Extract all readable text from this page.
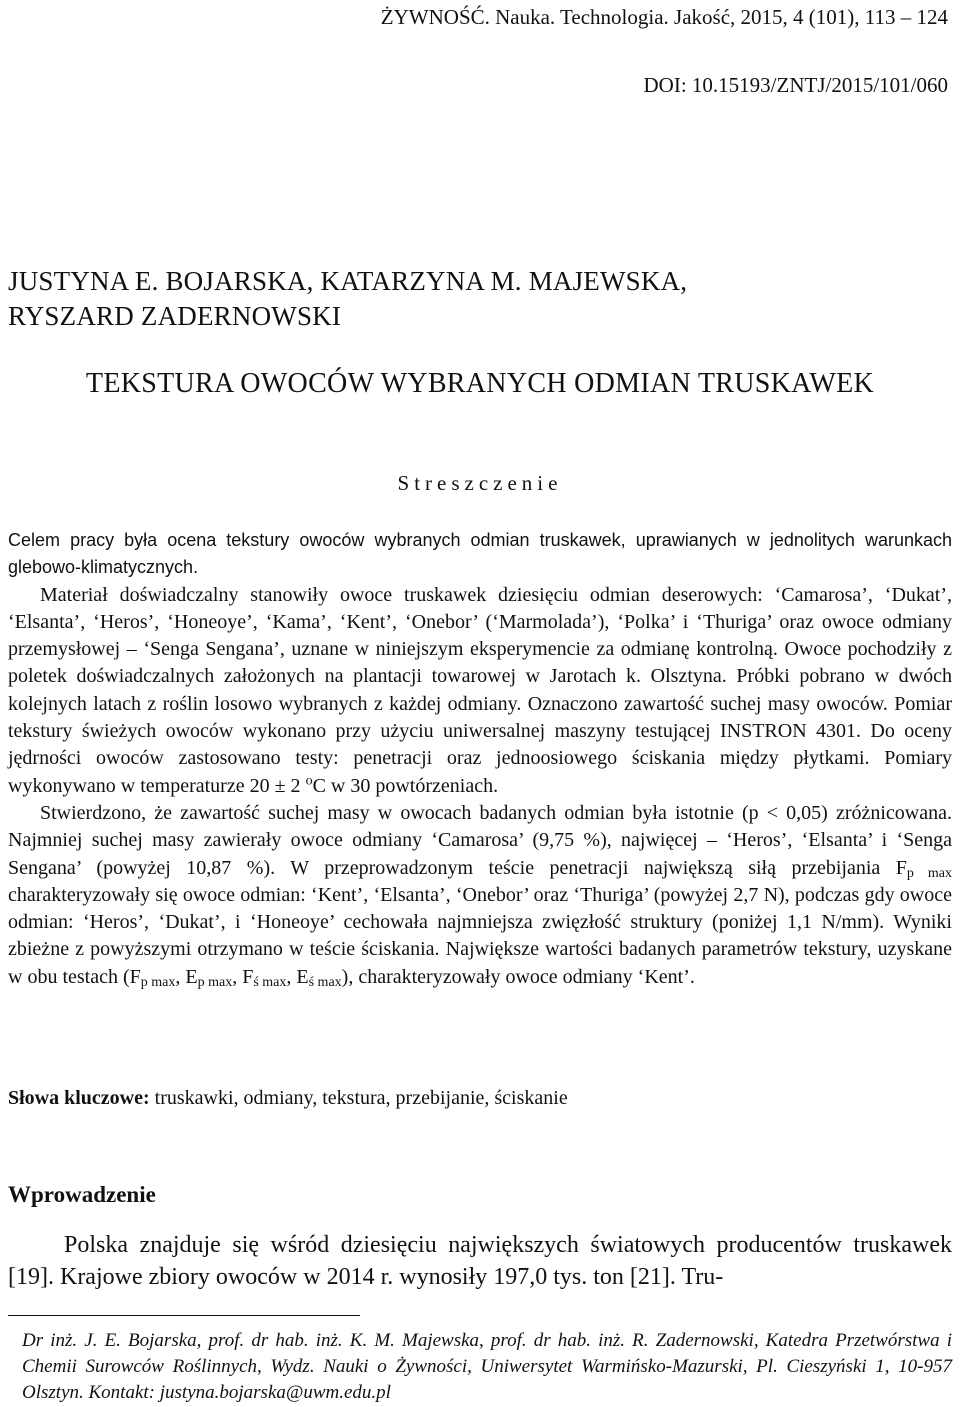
ŻYWNOŚĆ. Nauka. Technologia. Jakość, 2015, 4 (101), 113 – 124
DOI: 10.15193/ZNTJ/2015/101/060
JUSTYNA E. BOJARSKA, KATARZYNA M. MAJEWSKA,
RYSZARD ZADERNOWSKI
TEKSTURA OWOCÓW WYBRANYCH ODMIAN TRUSKAWEK
Streszczenie

Celem pracy była ocena tekstury owoców wybranych odmian truskawek, uprawianych w jednolitych warunkach glebowo-klimatycznych.

Materiał doświadczalny stanowiły owoce truskawek dziesięciu odmian deserowych: ‘Camarosa’, ‘Dukat’, ‘Elsanta’, ‘Heros’, ‘Honeoye’, ‘Kama’, ‘Kent’, ‘Onebor’ (‘Marmolada’), ‘Polka’ i ‘Thuriga’ oraz owoce odmiany przemysłowej – ‘Senga Sengana’, uznane w niniejszym eksperymencie za odmianę kontrolną. Owoce pochodziły z poletek doświadczalnych założonych na plantacji towarowej w Jarotach k. Olsztyna. Próbki pobrano w dwóch kolejnych latach z roślin losowo wybranych z każdej odmiany. Oznaczono zawartość suchej masy owoców. Pomiar tekstury świeżych owoców wykonano przy użyciu uniwersalnej maszyny testującej INSTRON 4301. Do oceny jędrności owoców zastosowano testy: penetracji oraz jednoosiowego ściskania między płytkami. Pomiary wykonywano w temperaturze 20 ± 2 $^o$C w 30 powtórzeniach.

Stwierdzono, że zawartość suchej masy w owocach badanych odmian była istotnie (p < 0,05) zróżnicowana. Najmniej suchej masy zawierały owoce odmiany ‘Camarosa’ (9,75 %), najwięcej – ‘Heros’, ‘Elsanta’ i ‘Senga Sengana’ (powyżej 10,87 %). W przeprowadzonym teście penetracji największą siłą przebijania $F_{p max}$ charakteryzowały się owoce odmian: ‘Kent’, ‘Elsanta’, ‘Onebor’ oraz ‘Thuriga’ (powyżej 2,7 N), podczas gdy owoce odmian: ‘Heros’, ‘Dukat’, i ‘Honeoye’ cechowała najmniejsza zwięzłość struktury (poniżej 1,1 N/mm). Wyniki zbieżne z powyższymi otrzymano w teście ściskania. Największe wartości badanych parametrów tekstury, uzyskane w obu testach ($F_{p max}$, $E_{p max}$, $F_{ś max}$, $E_{ś max}$), charakteryzowały owoce odmiany ‘Kent’.

Słowa kluczowe: truskawki, odmiany, tekstura, przebijanie, ściskanie
Wprowadzenie

Polska znajduje się wśród dziesięciu największych światowych producentów truskawek [19]. Krajowe zbiory owoców w 2014 r. wynosiły 197,0 tys. ton [21]. Tru-

Dr inż. J. E. Bojarska, prof. dr hab. inż. K. M. Majewska, prof. dr hab. inż. R. Zadernowski, Katedra Przetwórstwa i Chemii Surowców Roślinnych, Wydz. Nauki o Żywności, Uniwersytet Warmińsko-Mazurski, Pl. Cieszyński 1, 10-957 Olsztyn. Kontakt: justyna.bojarska@uwm.edu.pl
